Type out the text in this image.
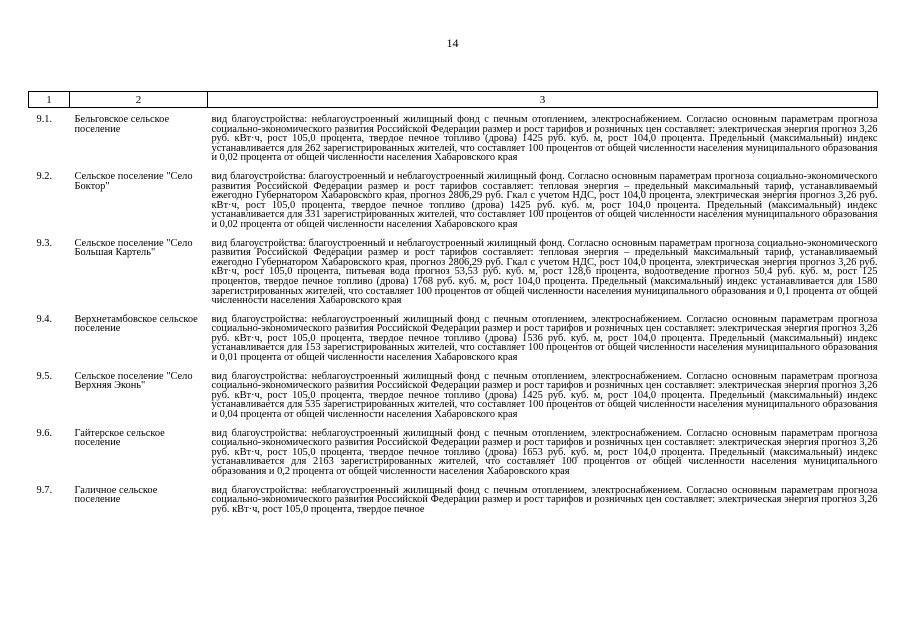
14
1	2	3
9.1.	Бельговское сельское поселение	вид благоустройства: неблагоустроенный жилищный фонд с печным отоплением, электроснабжением. Согласно основным параметрам прогноза социально-экономического развития Российской Федерации размер и рост тарифов и розничных цен составляет: электрическая энергия прогноз 3,26 руб. кВт·ч, рост 105,0 процента, твердое печное топливо (дрова) 1425 руб. куб. м, рост 104,0 процента. Предельный (максимальный) индекс устанавливается для 262 зарегистрированных жителей, что составляет 100 процентов от общей численности населения муниципального образования и 0,02 процента от общей численности населения Хабаровского края
9.2.	Сельское поселение "Село Боктор"	вид благоустройства: благоустроенный и неблагоустроенный жилищный фонд. Согласно основным параметрам прогноза социально-экономического развития Российской Федерации размер и рост тарифов составляет: тепловая энергия – предельный максимальный тариф, устанавливаемый ежегодно Губернатором Хабаровского края, прогноз 2806,29 руб. Гкал с учетом НДС, рост 104,0 процента, электрическая энергия прогноз 3,26 руб. кВт·ч, рост 105,0 процента, твердое печное топливо (дрова) 1425 руб. куб. м, рост 104,0 процента. Предельный (максимальный) индекс устанавливается для 331 зарегистрированных жителей, что составляет 100 процентов от общей численности населения муниципального образования и 0,02 процента от общей численности населения Хабаровского края
9.3.	Сельское поселение "Село Большая Картель"	вид благоустройства: благоустроенный и неблагоустроенный жилищный фонд. Согласно основным параметрам прогноза социально-экономического развития Российской Федерации размер и рост тарифов составляет: тепловая энергия – предельный максимальный тариф, устанавливаемый ежегодно Губернатором Хабаровского края, прогноз 2806,29 руб. Гкал с учетом НДС, рост 104,0 процента, электрическая энергия прогноз 3,26 руб. кВт·ч, рост 105,0 процента, питьевая вода прогноз 53,53 руб. куб. м, рост 128,6 процента, водоотведение прогноз 50,4 руб. куб. м, рост 125 процентов, твердое печное топливо (дрова) 1768 руб. куб. м, рост 104,0 процента. Предельный (максимальный) индекс устанавливается для 1580 зарегистрированных жителей, что составляет 100 процентов от общей численности населения муниципального образования и 0,1 процента от общей численности населения Хабаровского края
9.4.	Верхнетамбовское сельское поселение	вид благоустройства: неблагоустроенный жилищный фонд с печным отоплением, электроснабжением. Согласно основным параметрам прогноза социально-экономического развития Российской Федерации размер и рост тарифов и розничных цен составляет: электрическая энергия прогноз 3,26 руб. кВт·ч, рост 105,0 процента, твердое печное топливо (дрова) 1536 руб. куб. м, рост 104,0 процента. Предельный (максимальный) индекс устанавливается для 153 зарегистрированных жителей, что составляет 100 процентов от общей численности населения муниципального образования и 0,01 процента от общей численности населения Хабаровского края
9.5.	Сельское поселение "Село Верхняя Эконь"	вид благоустройства: неблагоустроенный жилищный фонд с печным отоплением, электроснабжением. Согласно основным параметрам прогноза социально-экономического развития Российской Федерации размер и рост тарифов и розничных цен составляет: электрическая энергия прогноз 3,26 руб. кВт·ч, рост 105,0 процента, твердое печное топливо (дрова) 1425 руб. куб. м, рост 104,0 процента. Предельный (максимальный) индекс устанавливается для 535 зарегистрированных жителей, что составляет 100 процентов от общей численности населения муниципального образования и 0,04 процента от общей численности населения Хабаровского края
9.6.	Гайтерское сельское поселение	вид благоустройства: неблагоустроенный жилищный фонд с печным отоплением, электроснабжением. Согласно основным параметрам прогноза социально-экономического развития Российской Федерации размер и рост тарифов и розничных цен составляет: электрическая энергия прогноз 3,26 руб. кВт·ч, рост 105,0 процента, твердое печное топливо (дрова) 1653 руб. куб. м, рост 104,0 процента. Предельный (максимальный) индекс устанавливается для 2163 зарегистрированных жителей, что составляет 100 процентов от общей численности населения муниципального образования и 0,2 процента от общей численности населения Хабаровского края
9.7.	Галичное сельское поселение	вид благоустройства: неблагоустроенный жилищный фонд с печным отоплением, электроснабжением. Согласно основным параметрам прогноза социально-экономического развития Российской Федерации размер и рост тарифов и розничных цен составляет: электрическая энергия прогноз 3,26 руб. кВт·ч, рост 105,0 процента, твердое печное
